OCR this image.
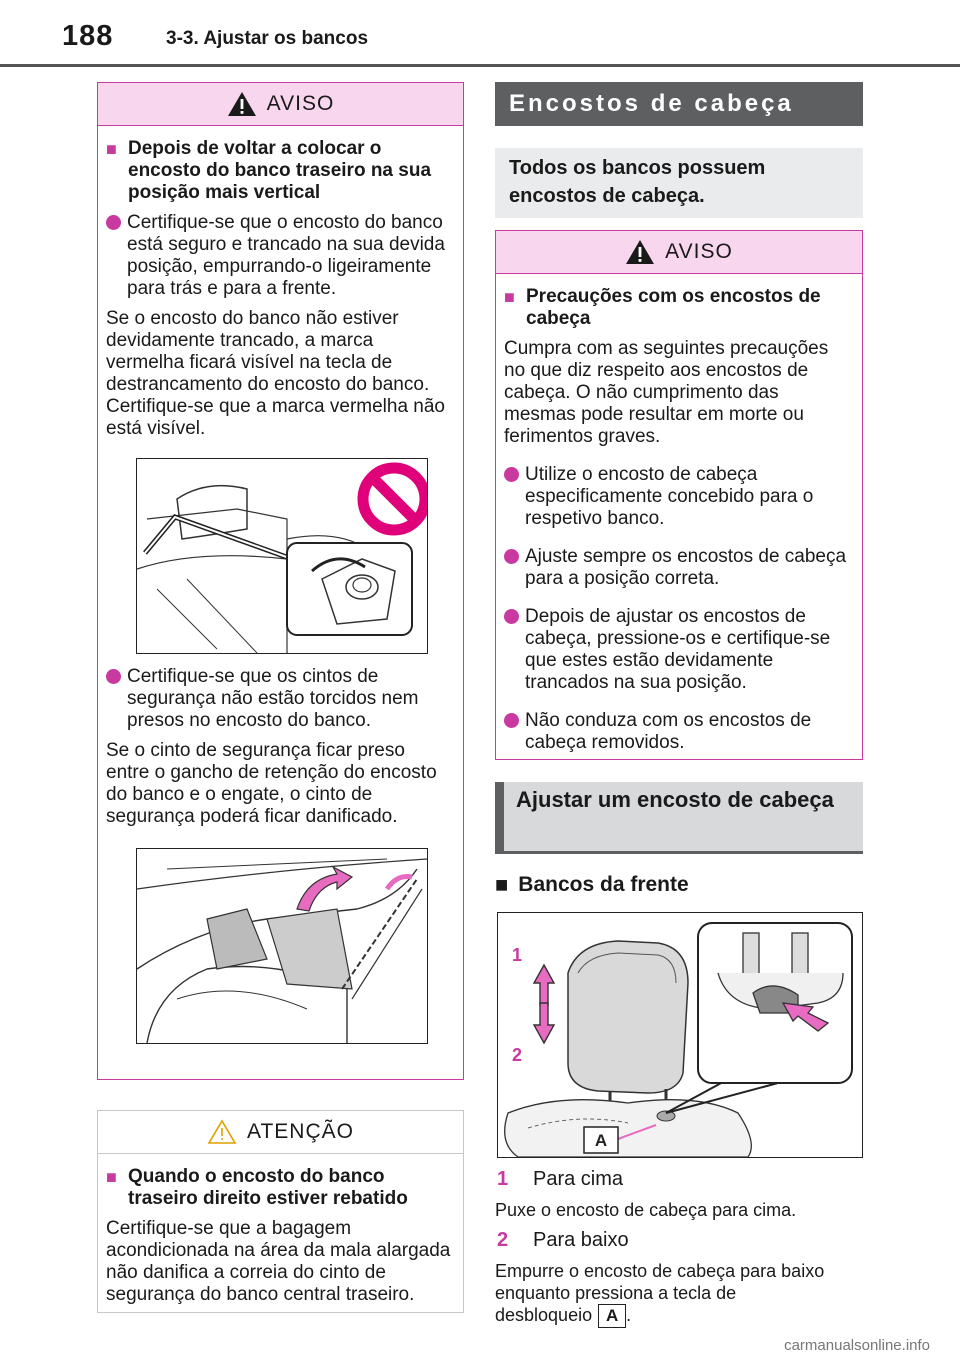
188	3-3. Ajustar os bancos
AVISO
■ Depois de voltar a colocar o encosto do banco traseiro na sua posição mais vertical
Certifique-se que o encosto do banco está seguro e trancado na sua devida posição, empurrando-o ligeiramente para trás e para a frente.

Se o encosto do banco não estiver devidamente trancado, a marca vermelha ficará visível na tecla de destrancamento do encosto do banco. Certifique-se que a marca vermelha não está visível.

Certifique-se que os cintos de segurança não estão torcidos nem presos no encosto do banco.

Se o cinto de segurança ficar preso entre o gancho de retenção do encosto do banco e o engate, o cinto de segurança poderá ficar danificado.

ATENÇÃO
■ Quando o encosto do banco traseiro direito estiver rebatido

Certifique-se que a bagagem acondicionada na área da mala alargada não danifica a correia do cinto de segurança do banco central traseiro.

Encostos de cabeça
Todos os bancos possuem encostos de cabeça.
AVISO
■ Precauções com os encostos de cabeça

Cumpra com as seguintes precauções no que diz respeito aos encostos de cabeça. O não cumprimento das mesmas pode resultar em morte ou ferimentos graves.

Utilize o encosto de cabeça especificamente concebido para o respetivo banco.
Ajuste sempre os encostos de cabeça para a posição correta.
Depois de ajustar os encostos de cabeça, pressione-os e certifique-se que estes estão devidamente trancados na sua posição.
Não conduza com os encostos de cabeça removidos.
Ajustar um encosto de cabeça
■ Bancos da frente
1
2
A
1	Para cima

Puxe o encosto de cabeça para cima.

2	Para baixo

Empurre o encosto de cabeça para baixo enquanto pressiona a tecla de desbloqueio A .

carmanualsonline.info
